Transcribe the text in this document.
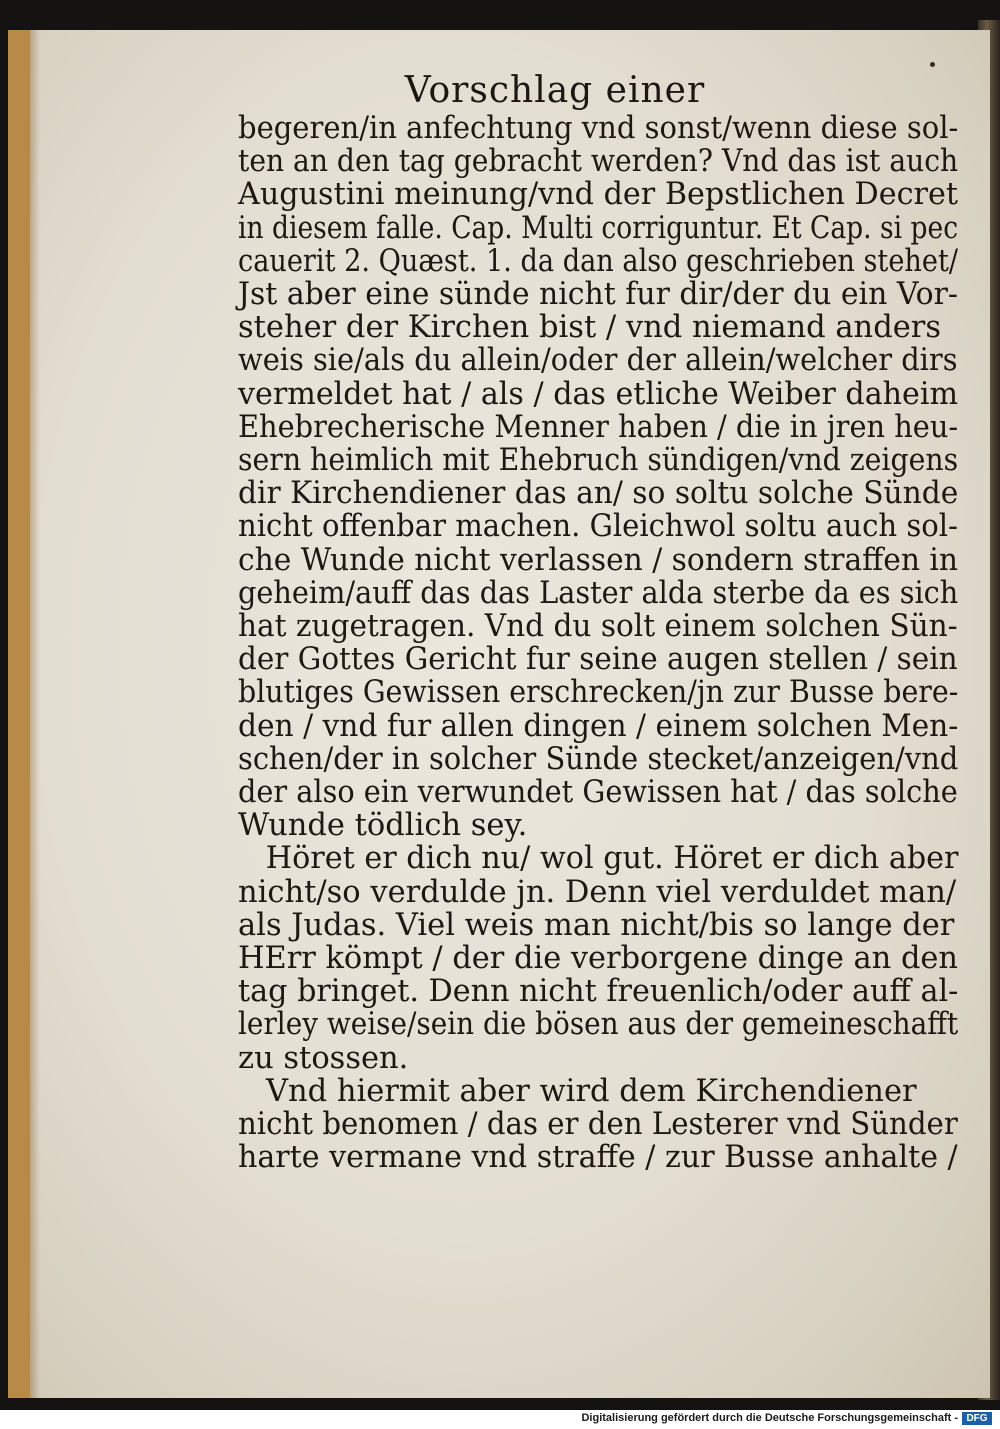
Vorschlag einer
begeren/in anfechtung vnd sonst/wenn diese sol-
ten an den tag gebracht werden? Vnd das ist auch
Augustini meinung/vnd der Bepstlichen Decret
in diesem falle. Cap. Multi corriguntur. Et Cap. si pec
cauerit 2. Quæst. 1. da dan also geschrieben stehet/
Jst aber eine sünde nicht fur dir/der du ein Vor-
steher der Kirchen bist / vnd niemand anders
weis sie/als du allein/oder der allein/welcher dirs
vermeldet hat / als / das etliche Weiber daheim
Ehebrecherische Menner haben / die in jren heu-
sern heimlich mit Ehebruch sündigen/vnd zeigens
dir Kirchendiener das an/ so soltu solche Sünde
nicht offenbar machen. Gleichwol soltu auch sol-
che Wunde nicht verlassen / sondern straffen in
geheim/auff das das Laster alda sterbe da es sich
hat zugetragen. Vnd du solt einem solchen Sün-
der Gottes Gericht fur seine augen stellen / sein
blutiges Gewissen erschrecken/jn zur Busse bere-
den / vnd fur allen dingen / einem solchen Men-
schen/der in solcher Sünde stecket/anzeigen/vnd
der also ein verwundet Gewissen hat / das solche
Wunde tödlich sey.
Höret er dich nu/ wol gut. Höret er dich aber
nicht/so verdulde jn. Denn viel verduldet man/
als Judas. Viel weis man nicht/bis so lange der
HErr kömpt / der die verborgene dinge an den
tag bringet. Denn nicht freuenlich/oder auff al-
lerley weise/sein die bösen aus der gemeineschafft
zu stossen.
Vnd hiermit aber wird dem Kirchendiener
nicht benomen / das er den Lesterer vnd Sünder
harte vermane vnd straffe / zur Busse anhalte /
Digitalisierung gefördert durch die Deutsche Forschungsgemeinschaft - DFG
